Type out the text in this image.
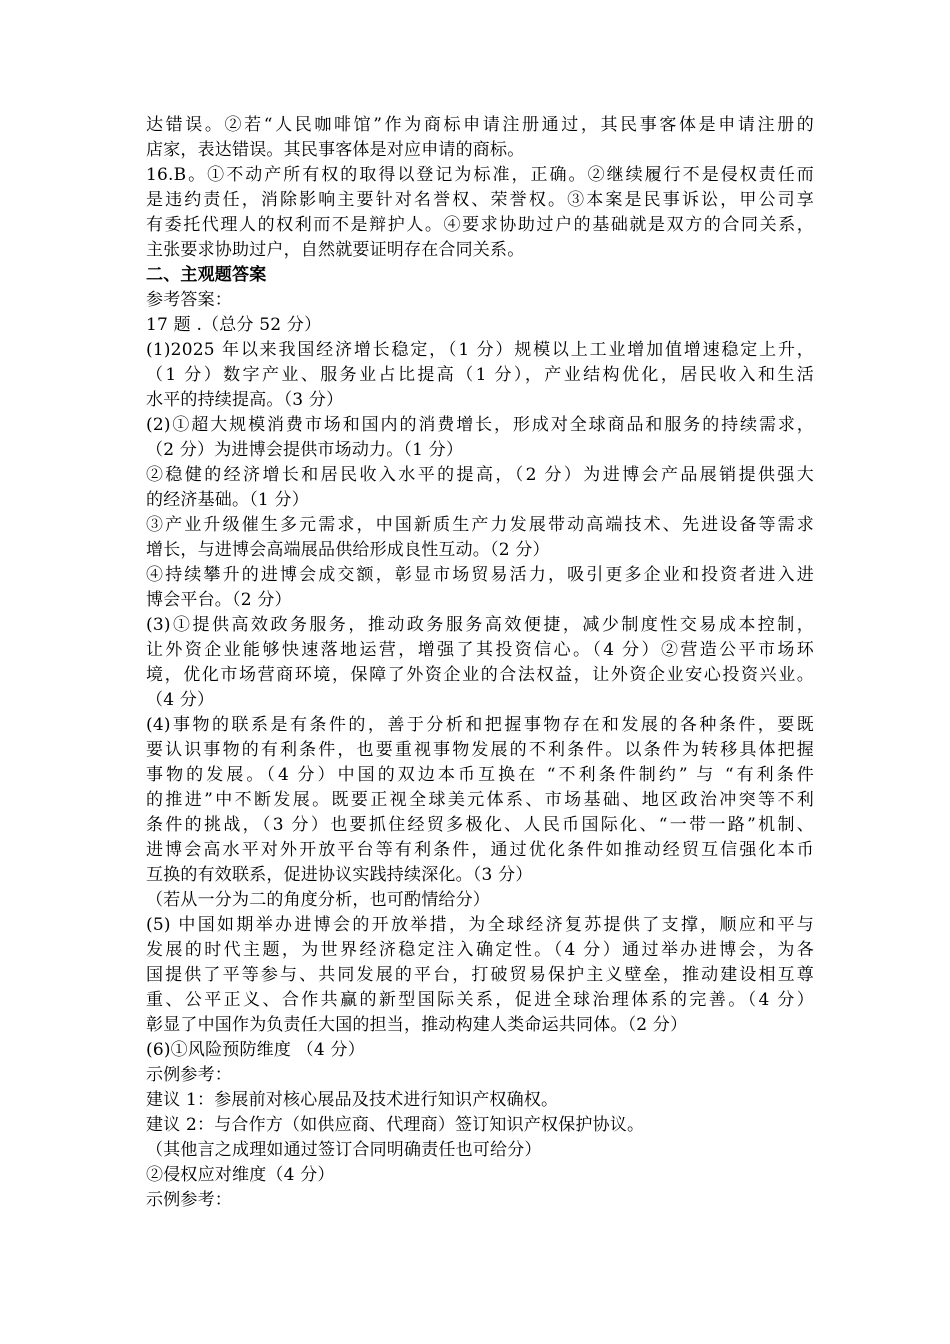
达错误。②若“人民咖啡馆”作为商标申请注册通过，其民事客体是申请注册的
店家，表达错误。其民事客体是对应申请的商标。
16.B。①不动产所有权的取得以登记为标准，正确。②继续履行不是侵权责任而
是违约责任，消除影响主要针对名誉权、荣誉权。③本案是民事诉讼，甲公司享
有委托代理人的权利而不是辩护人。④要求协助过户的基础就是双方的合同关系，
主张要求协助过户，自然就要证明存在合同关系。
二、主观题答案
参考答案：
17 题 .（总分 52 分）
(1)2025 年以来我国经济增长稳定，（1 分）规模以上工业增加值增速稳定上升，
（1 分）数字产业、服务业占比提高（1 分），产业结构优化，居民收入和生活
水平的持续提高。（3 分）
(2)①超大规模消费市场和国内的消费增长，形成对全球商品和服务的持续需求，
（2 分）为进博会提供市场动力。（1 分）
②稳健的经济增长和居民收入水平的提高，（2 分）为进博会产品展销提供强大
的经济基础。（1 分）
③产业升级催生多元需求，中国新质生产力发展带动高端技术、先进设备等需求
增长，与进博会高端展品供给形成良性互动。（2 分）
④持续攀升的进博会成交额，彰显市场贸易活力，吸引更多企业和投资者进入进
博会平台。（2 分）
(3)①提供高效政务服务，推动政务服务高效便捷，减少制度性交易成本控制，
让外资企业能够快速落地运营，增强了其投资信心。（4 分）②营造公平市场环
境，优化市场营商环境，保障了外资企业的合法权益，让外资企业安心投资兴业。
（4 分）
(4)事物的联系是有条件的，善于分析和把握事物存在和发展的各种条件，要既
要认识事物的有利条件，也要重视事物发展的不利条件。以条件为转移具体把握
事物的发展。（4 分）中国的双边本币互换在 “不利条件制约” 与 “有利条件
的推进”中不断发展。既要正视全球美元体系、市场基础、地区政治冲突等不利
条件的挑战，（3 分）也要抓住经贸多极化、人民币国际化、“一带一路”机制、
进博会高水平对外开放平台等有利条件，通过优化条件如推动经贸互信强化本币
互换的有效联系，促进协议实践持续深化。（3 分）
（若从一分为二的角度分析，也可酌情给分）
(5) 中国如期举办进博会的开放举措，为全球经济复苏提供了支撑，顺应和平与
发展的时代主题，为世界经济稳定注入确定性。（4 分）通过举办进博会，为各
国提供了平等参与、共同发展的平台，打破贸易保护主义壁垒，推动建设相互尊
重、公平正义、合作共赢的新型国际关系，促进全球治理体系的完善。（4 分）
彰显了中国作为负责任大国的担当，推动构建人类命运共同体。（2 分）
(6)①风险预防维度 （4 分）
示例参考：
建议 1：参展前对核心展品及技术进行知识产权确权。
建议 2：与合作方（如供应商、代理商）签订知识产权保护协议。
（其他言之成理如通过签订合同明确责任也可给分）
②侵权应对维度（4 分）
示例参考：
